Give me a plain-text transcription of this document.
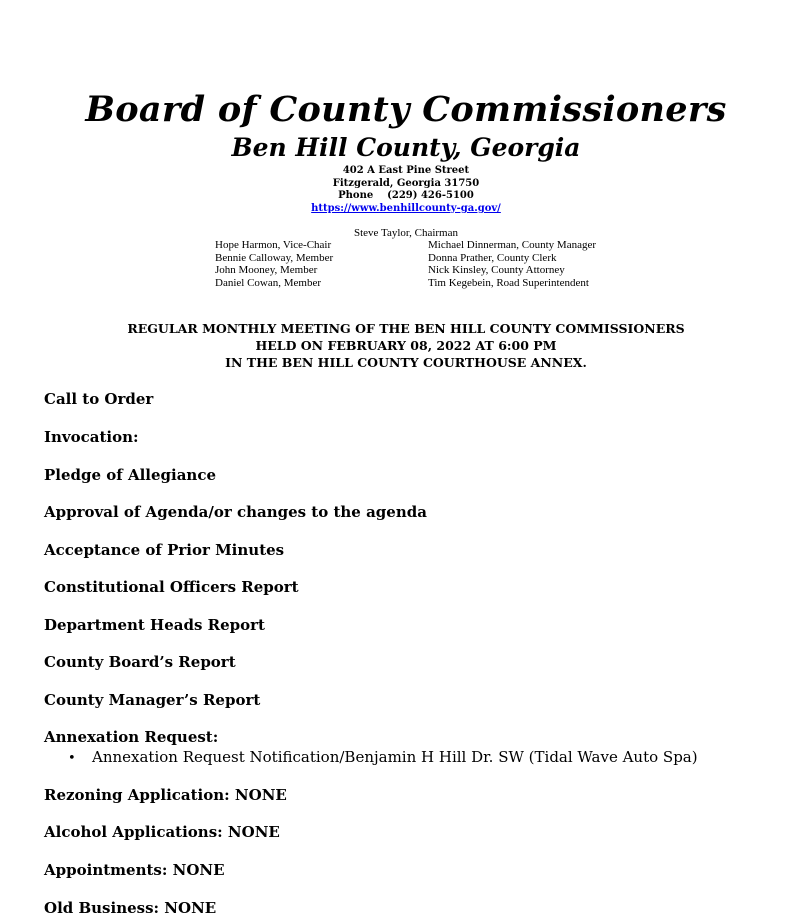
Board of County Commissioners
Ben Hill County, Georgia
402 A East Pine Street
Fitzgerald, Georgia 31750
Phone    (229) 426-5100
https://www.benhillcounty-ga.gov/
Steve Taylor, Chairman
Hope Harmon, Vice-Chair
Bennie Calloway, Member
John Mooney, Member
Daniel Cowan, Member
Michael Dinnerman, County Manager
Donna Prather, County Clerk
Nick Kinsley, County Attorney
Tim Kegebein, Road Superintendent
REGULAR MONTHLY MEETING OF THE BEN HILL COUNTY COMMISSIONERS
HELD ON FEBRUARY 08, 2022 AT 6:00 PM
IN THE BEN HILL COUNTY COURTHOUSE ANNEX.
Call to Order
Invocation:
Pledge of Allegiance
Approval of Agenda/or changes to the agenda
Acceptance of Prior Minutes
Constitutional Officers Report
Department Heads Report
County Board’s Report
County Manager’s Report
Annexation Request:
• Annexation Request Notification/Benjamin H Hill Dr. SW (Tidal Wave Auto Spa)
Rezoning Application: NONE
Alcohol Applications: NONE
Appointments: NONE
Old Business: NONE
